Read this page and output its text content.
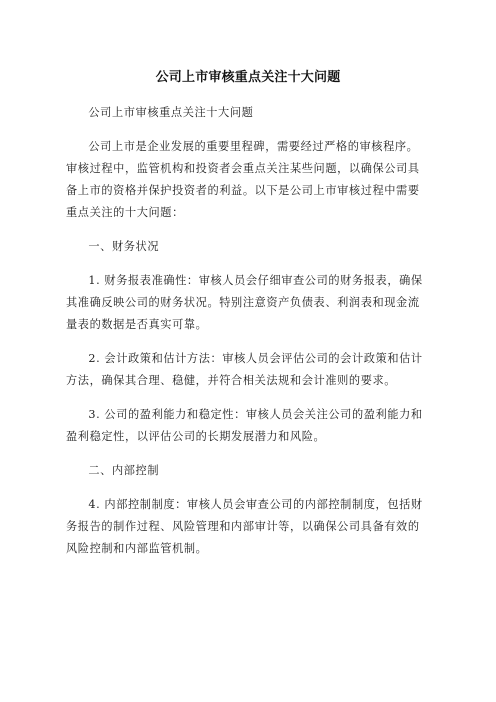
公司上市审核重点关注十大问题

公司上市审核重点关注十大问题

公司上市是企业发展的重要里程碑，需要经过严格的审核程序。审核过程中，监管机构和投资者会重点关注某些问题，以确保公司具备上市的资格并保护投资者的利益。以下是公司上市审核过程中需要重点关注的十大问题：

一、财务状况

1. 财务报表准确性：审核人员会仔细审查公司的财务报表，确保其准确反映公司的财务状况。特别注意资产负债表、利润表和现金流量表的数据是否真实可靠。

2. 会计政策和估计方法：审核人员会评估公司的会计政策和估计方法，确保其合理、稳健，并符合相关法规和会计准则的要求。

3. 公司的盈利能力和稳定性：审核人员会关注公司的盈利能力和盈利稳定性，以评估公司的长期发展潜力和风险。

二、内部控制

4. 内部控制制度：审核人员会审查公司的内部控制制度，包括财务报告的制作过程、风险管理和内部审计等，以确保公司具备有效的风险控制和内部监管机制。
